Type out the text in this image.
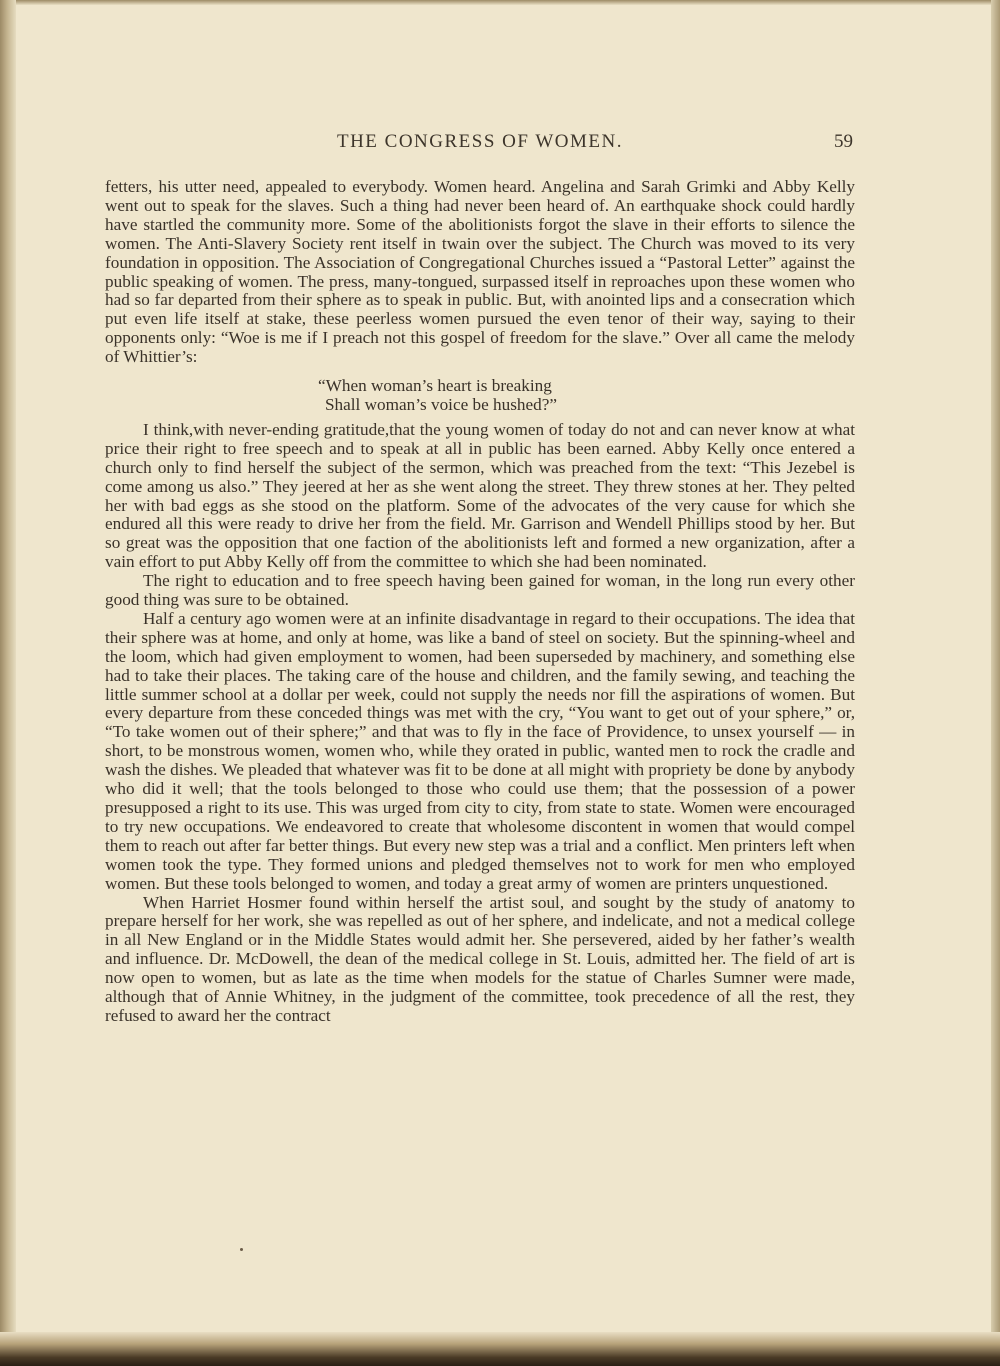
THE CONGRESS OF WOMEN.	59

fetters, his utter need, appealed to everybody. Women heard. Angelina and Sarah Grimki and Abby Kelly went out to speak for the slaves. Such a thing had never been heard of. An earthquake shock could hardly have startled the community more. Some of the abolitionists forgot the slave in their efforts to silence the women. The Anti-Slavery Society rent itself in twain over the subject. The Church was moved to its very foundation in opposition. The Association of Congregational Churches issued a “Pastoral Letter” against the public speaking of women. The press, many-tongued, surpassed itself in reproaches upon these women who had so far departed from their sphere as to speak in public. But, with anointed lips and a consecration which put even life itself at stake, these peerless women pursued the even tenor of their way, saying to their opponents only: “Woe is me if I preach not this gospel of freedom for the slave.” Over all came the melody of Whittier’s:

“When woman’s heart is breaking
Shall woman’s voice be hushed?”

I think,with never-ending gratitude,that the young women of today do not and can never know at what price their right to free speech and to speak at all in public has been earned. Abby Kelly once entered a church only to find herself the subject of the sermon, which was preached from the text: “This Jezebel is come among us also.” They jeered at her as she went along the street. They threw stones at her. They pelted her with bad eggs as she stood on the platform. Some of the advocates of the very cause for which she endured all this were ready to drive her from the field. Mr. Garrison and Wendell Phillips stood by her. But so great was the opposition that one faction of the abolitionists left and formed a new organization, after a vain effort to put Abby Kelly off from the committee to which she had been nominated.

The right to education and to free speech having been gained for woman, in the long run every other good thing was sure to be obtained.

Half a century ago women were at an infinite disadvantage in regard to their occupations. The idea that their sphere was at home, and only at home, was like a band of steel on society. But the spinning-wheel and the loom, which had given employment to women, had been superseded by machinery, and something else had to take their places. The taking care of the house and children, and the family sewing, and teaching the little summer school at a dollar per week, could not supply the needs nor fill the aspirations of women. But every departure from these conceded things was met with the cry, “You want to get out of your sphere,” or, “To take women out of their sphere;” and that was to fly in the face of Providence, to unsex yourself — in short, to be monstrous women, women who, while they orated in public, wanted men to rock the cradle and wash the dishes. We pleaded that whatever was fit to be done at all might with propriety be done by anybody who did it well; that the tools belonged to those who could use them; that the possession of a power presupposed a right to its use. This was urged from city to city, from state to state. Women were encouraged to try new occupations. We endeavored to create that wholesome discontent in women that would compel them to reach out after far better things. But every new step was a trial and a conflict. Men printers left when women took the type. They formed unions and pledged themselves not to work for men who employed women. But these tools belonged to women, and today a great army of women are printers unquestioned.

When Harriet Hosmer found within herself the artist soul, and sought by the study of anatomy to prepare herself for her work, she was repelled as out of her sphere, and indelicate, and not a medical college in all New England or in the Middle States would admit her. She persevered, aided by her father’s wealth and influence. Dr. McDowell, the dean of the medical college in St. Louis, admitted her. The field of art is now open to women, but as late as the time when models for the statue of Charles Sumner were made, although that of Annie Whitney, in the judgment of the committee, took precedence of all the rest, they refused to award her the contract
